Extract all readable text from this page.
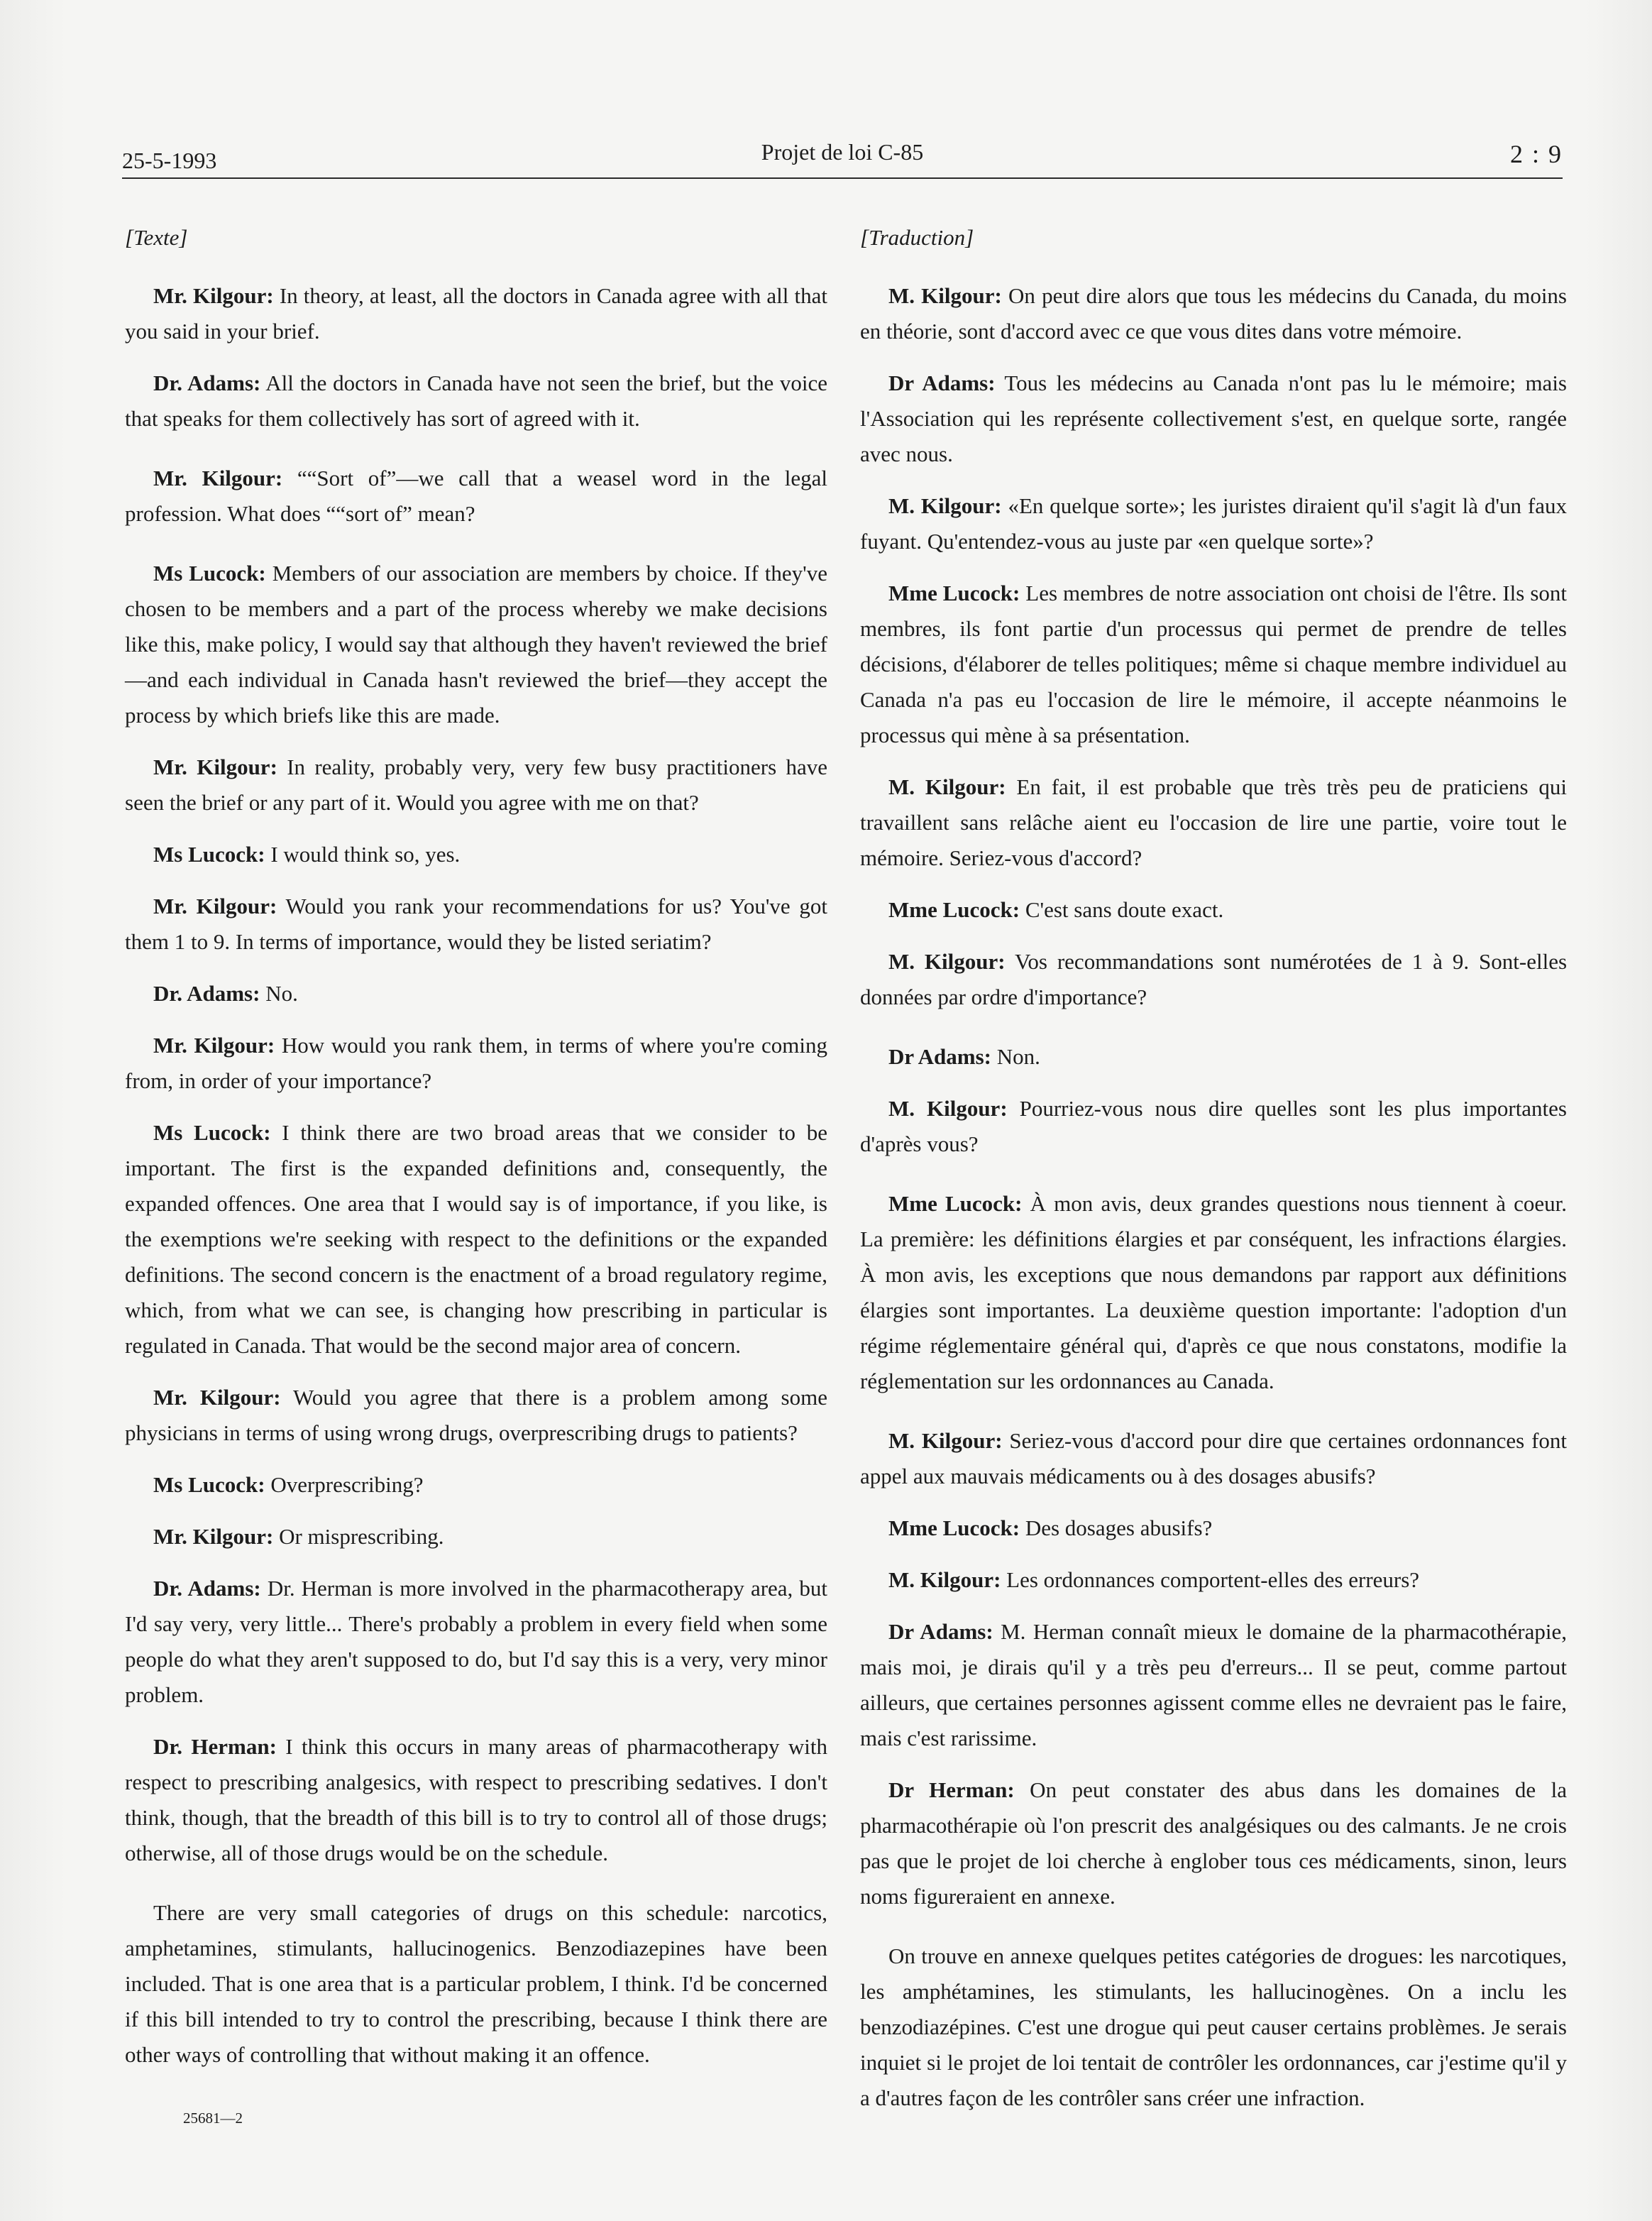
25-5-1993	Projet de loi C-85	2 : 9
[Texte]
Mr. Kilgour: In theory, at least, all the doctors in Canada agree with all that you said in your brief.
Dr. Adams: All the doctors in Canada have not seen the brief, but the voice that speaks for them collectively has sort of agreed with it.
Mr. Kilgour: ““Sort of”—we call that a weasel word in the legal profession. What does ““sort of” mean?
Ms Lucock: Members of our association are members by choice. If they've chosen to be members and a part of the process whereby we make decisions like this, make policy, I would say that although they haven't reviewed the brief—and each individual in Canada hasn't reviewed the brief—they accept the process by which briefs like this are made.
Mr. Kilgour: In reality, probably very, very few busy practitioners have seen the brief or any part of it. Would you agree with me on that?
Ms Lucock: I would think so, yes.
Mr. Kilgour: Would you rank your recommendations for us? You've got them 1 to 9. In terms of importance, would they be listed seriatim?
Dr. Adams: No.
Mr. Kilgour: How would you rank them, in terms of where you're coming from, in order of your importance?
Ms Lucock: I think there are two broad areas that we consider to be important. The first is the expanded definitions and, consequently, the expanded offences. One area that I would say is of importance, if you like, is the exemptions we're seeking with respect to the definitions or the expanded definitions. The second concern is the enactment of a broad regulatory regime, which, from what we can see, is changing how prescribing in particular is regulated in Canada. That would be the second major area of concern.
Mr. Kilgour: Would you agree that there is a problem among some physicians in terms of using wrong drugs, overprescribing drugs to patients?
Ms Lucock: Overprescribing?
Mr. Kilgour: Or misprescribing.
Dr. Adams: Dr. Herman is more involved in the pharmacotherapy area, but I'd say very, very little... There's probably a problem in every field when some people do what they aren't supposed to do, but I'd say this is a very, very minor problem.
Dr. Herman: I think this occurs in many areas of pharmacotherapy with respect to prescribing analgesics, with respect to prescribing sedatives. I don't think, though, that the breadth of this bill is to try to control all of those drugs; otherwise, all of those drugs would be on the schedule.
There are very small categories of drugs on this schedule: narcotics, amphetamines, stimulants, hallucinogenics. Benzodiazepines have been included. That is one area that is a particular problem, I think. I'd be concerned if this bill intended to try to control the prescribing, because I think there are other ways of controlling that without making it an offence.
[Traduction]
M. Kilgour: On peut dire alors que tous les médecins du Canada, du moins en théorie, sont d'accord avec ce que vous dites dans votre mémoire.
Dr Adams: Tous les médecins au Canada n'ont pas lu le mémoire; mais l'Association qui les représente collectivement s'est, en quelque sorte, rangée avec nous.
M. Kilgour: «En quelque sorte»; les juristes diraient qu'il s'agit là d'un faux fuyant. Qu'entendez-vous au juste par «en quelque sorte»?
Mme Lucock: Les membres de notre association ont choisi de l'être. Ils sont membres, ils font partie d'un processus qui permet de prendre de telles décisions, d'élaborer de telles politiques; même si chaque membre individuel au Canada n'a pas eu l'occasion de lire le mémoire, il accepte néanmoins le processus qui mène à sa présentation.
M. Kilgour: En fait, il est probable que très très peu de praticiens qui travaillent sans relâche aient eu l'occasion de lire une partie, voire tout le mémoire. Seriez-vous d'accord?
Mme Lucock: C'est sans doute exact.
M. Kilgour: Vos recommandations sont numérotées de 1 à 9. Sont-elles données par ordre d'importance?
Dr Adams: Non.
M. Kilgour: Pourriez-vous nous dire quelles sont les plus importantes d'après vous?
Mme Lucock: À mon avis, deux grandes questions nous tiennent à coeur. La première: les définitions élargies et par conséquent, les infractions élargies. À mon avis, les exceptions que nous demandons par rapport aux définitions élargies sont importantes. La deuxième question importante: l'adoption d'un régime réglementaire général qui, d'après ce que nous constatons, modifie la réglementation sur les ordonnances au Canada.
M. Kilgour: Seriez-vous d'accord pour dire que certaines ordonnances font appel aux mauvais médicaments ou à des dosages abusifs?
Mme Lucock: Des dosages abusifs?
M. Kilgour: Les ordonnances comportent-elles des erreurs?
Dr Adams: M. Herman connaît mieux le domaine de la pharmacothérapie, mais moi, je dirais qu'il y a très peu d'erreurs... Il se peut, comme partout ailleurs, que certaines personnes agissent comme elles ne devraient pas le faire, mais c'est rarissime.
Dr Herman: On peut constater des abus dans les domaines de la pharmacothérapie où l'on prescrit des analgésiques ou des calmants. Je ne crois pas que le projet de loi cherche à englober tous ces médicaments, sinon, leurs noms figureraient en annexe.
On trouve en annexe quelques petites catégories de drogues: les narcotiques, les amphétamines, les stimulants, les hallucinogènes. On a inclu les benzodiazépines. C'est une drogue qui peut causer certains problèmes. Je serais inquiet si le projet de loi tentait de contrôler les ordonnances, car j'estime qu'il y a d'autres façon de les contrôler sans créer une infraction.
25681—2
